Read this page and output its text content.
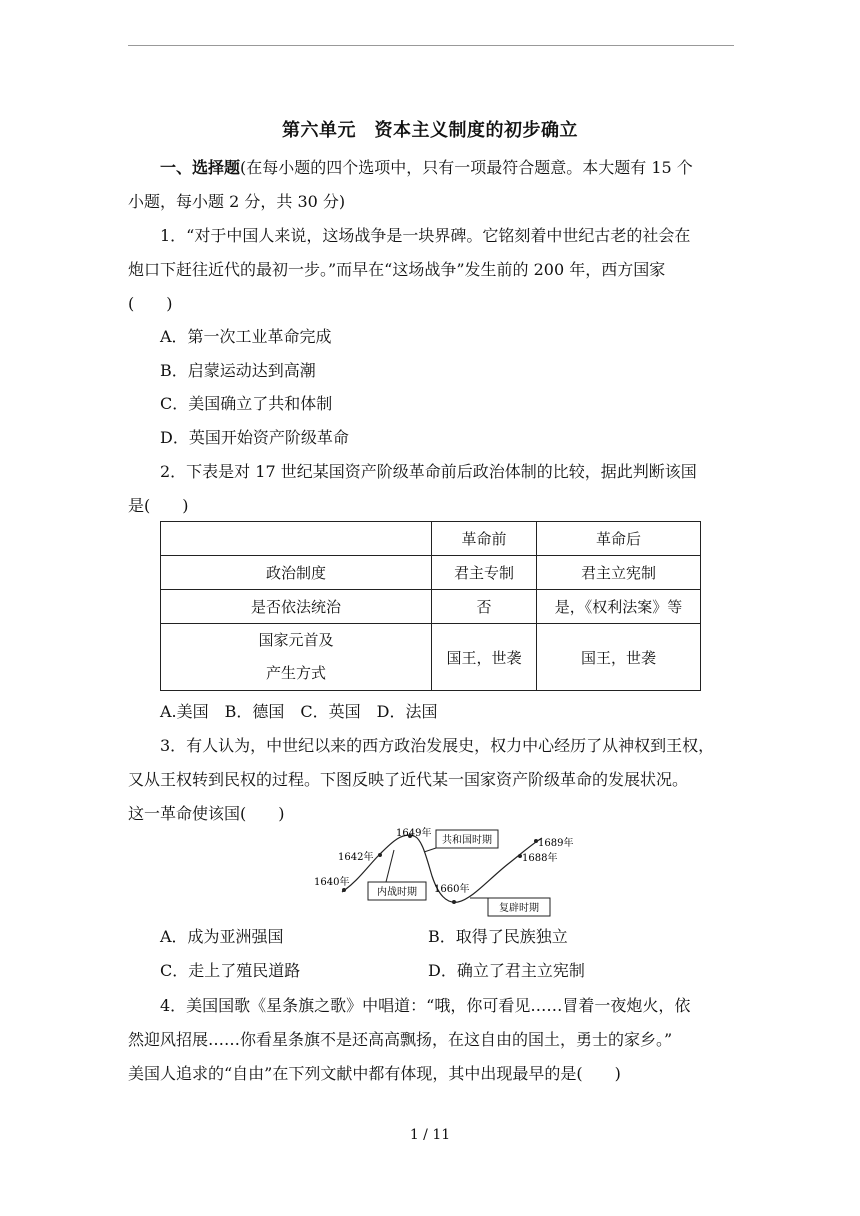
第六单元　资本主义制度的初步确立
一、选择题(在每小题的四个选项中，只有一项最符合题意。本大题有 15 个
小题，每小题 2 分，共 30 分)
1．“对于中国人来说，这场战争是一块界碑。它铭刻着中世纪古老的社会在
炮口下赶往近代的最初一步。”而早在“这场战争”发生前的 200 年，西方国家
(　　)
A．第一次工业革命完成
B．启蒙运动达到高潮
C．美国确立了共和体制
D．英国开始资产阶级革命
2．下表是对 17 世纪某国资产阶级革命前后政治体制的比较，据此判断该国
是(　　)
	革命前	革命后
政治制度	君主专制	君主立宪制
是否依法统治	否	是，《权利法案》等

国家元首及
产生方式	国王，世袭	国王，世袭
A.美国　B．德国　C．英国　D．法国
3．有人认为，中世纪以来的西方政治发展史，权力中心经历了从神权到王权，
又从王权转到民权的过程。下图反映了近代某一国家资产阶级革命的发展状况。
这一革命使该国(　　)
1640年
1642年
1649年
1660年
1688年
1689年
共和国时期
内战时期
复辟时期
A．成为亚洲强国	B．取得了民族独立
C．走上了殖民道路	D．确立了君主立宪制
4．美国国歌《星条旗之歌》中唱道：“哦，你可看见……冒着一夜炮火，依
然迎风招展……你看星条旗不是还高高飘扬，在这自由的国土，勇士的家乡。”
美国人追求的“自由”在下列文献中都有体现，其中出现最早的是(　　)
1 / 11
